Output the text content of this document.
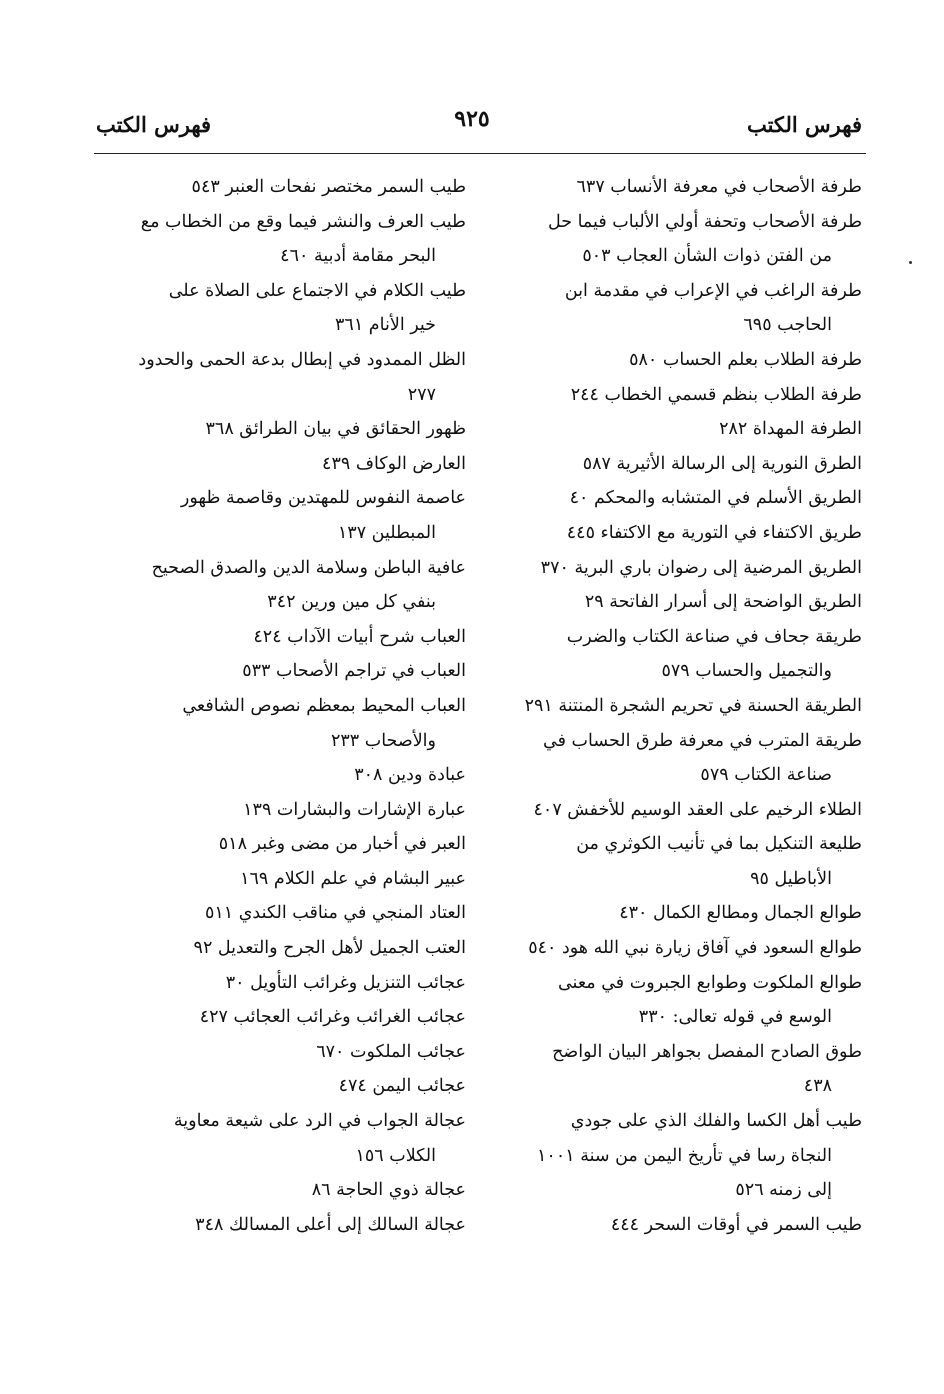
فهرس الكتب
٩٢٥
فهرس الكتب
طرفة الأصحاب في معرفة الأنساب ٦٣٧
طرفة الأصحاب وتحفة أولي الألباب فيما حل
من الفتن ذوات الشأن العجاب ٥٠٣
طرفة الراغب في الإعراب في مقدمة ابن
الحاجب ٦٩٥
طرفة الطلاب بعلم الحساب ٥٨٠
طرفة الطلاب بنظم قسمي الخطاب ٢٤٤
الطرفة المهداة ٢٨٢
الطرق النورية إلى الرسالة الأثيرية ٥٨٧
الطريق الأسلم في المتشابه والمحكم ٤٠
طريق الاكتفاء في التورية مع الاكتفاء ٤٤٥
الطريق المرضية إلى رضوان باري البرية ٣٧٠
الطريق الواضحة إلى أسرار الفاتحة ٢٩
طريقة جحاف في صناعة الكتاب والضرب
والتجميل والحساب ٥٧٩
الطريقة الحسنة في تحريم الشجرة المنتنة ٢٩١
طريقة المترب في معرفة طرق الحساب في
صناعة الكتاب ٥٧٩
الطلاء الرخيم على العقد الوسيم للأخفش ٤٠٧
طليعة التنكيل بما في تأنيب الكوثري من
الأباطيل ٩٥
طوالع الجمال ومطالع الكمال ٤٣٠
طوالع السعود في آفاق زيارة نبي الله هود ٥٤٠
طوالع الملكوت وطوابع الجبروت في معنى
الوسع في قوله تعالى: ٣٣٠
طوق الصادح المفصل بجواهر البيان الواضح
٤٣٨
طيب أهل الكسا والفلك الذي على جودي
النجاة رسا في تأريخ اليمن من سنة ١٠٠١
إلى زمنه ٥٢٦
طيب السمر في أوقات السحر ٤٤٤
طيب السمر مختصر نفحات العنبر ٥٤٣
طيب العرف والنشر فيما وقع من الخطاب مع
البحر مقامة أدبية ٤٦٠
طيب الكلام في الاجتماع على الصلاة على
خير الأنام ٣٦١
الظل الممدود في إبطال بدعة الحمى والحدود
٢٧٧
ظهور الحقائق في بيان الطرائق ٣٦٨
العارض الوكاف ٤٣٩
عاصمة النفوس للمهتدين وقاصمة ظهور
المبطلين ١٣٧
عافية الباطن وسلامة الدين والصدق الصحيح
بنفي كل مين ورين ٣٤٢
العباب شرح أبيات الآداب ٤٢٤
العباب في تراجم الأصحاب ٥٣٣
العباب المحيط بمعظم نصوص الشافعي
والأصحاب ٢٣٣
عبادة ودين ٣٠٨
عبارة الإشارات والبشارات ١٣٩
العبر في أخبار من مضى وغبر ٥١٨
عبير البشام في علم الكلام ١٦٩
العتاد المنجي في مناقب الكندي ٥١١
العتب الجميل لأهل الجرح والتعديل ٩٢
عجائب التنزيل وغرائب التأويل ٣٠
عجائب الغرائب وغرائب العجائب ٤٢٧
عجائب الملكوت ٦٧٠
عجائب اليمن ٤٧٤
عجالة الجواب في الرد على شيعة معاوية
الكلاب ١٥٦
عجالة ذوي الحاجة ٨٦
عجالة السالك إلى أعلى المسالك ٣٤٨
